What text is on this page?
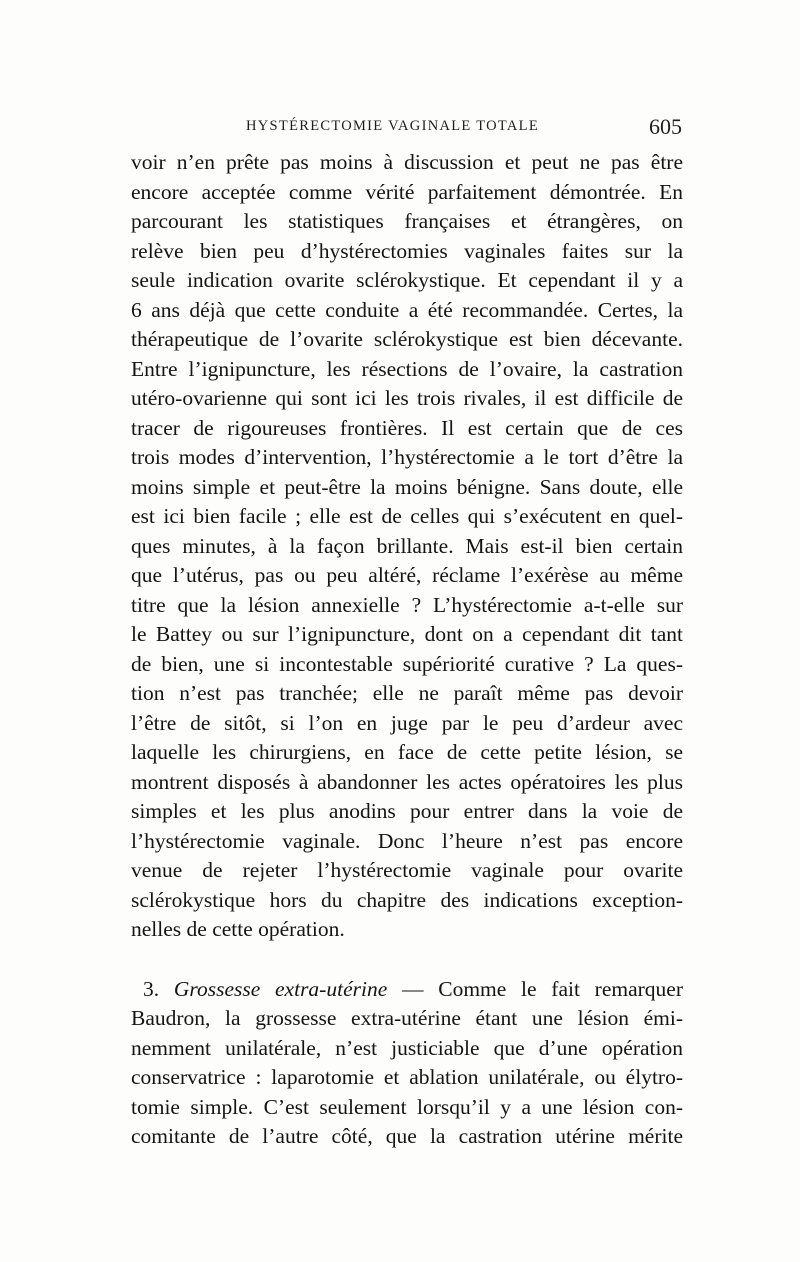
HYSTÉRECTOMIE VAGINALE TOTALE	605
voir n’en prête pas moins à discussion et peut ne pas être
encore acceptée comme vérité parfaitement démontrée. En
parcourant les statistiques françaises et étrangères, on
relève bien peu d’hystérectomies vaginales faites sur la
seule indication ovarite sclérokystique. Et cependant il y a
6 ans déjà que cette conduite a été recommandée. Certes, la
thérapeutique de l’ovarite sclérokystique est bien décevante.
Entre l’ignipuncture, les résections de l’ovaire, la castration
utéro-ovarienne qui sont ici les trois rivales, il est difficile de
tracer de rigoureuses frontières. Il est certain que de ces
trois modes d’intervention, l’hystérectomie a le tort d’être la
moins simple et peut-être la moins bénigne. Sans doute, elle
est ici bien facile ; elle est de celles qui s’exécutent en quel-
ques minutes, à la façon brillante. Mais est-il bien certain
que l’utérus, pas ou peu altéré, réclame l’exérèse au même
titre que la lésion annexielle ? L’hystérectomie a-t-elle sur
le Battey ou sur l’ignipuncture, dont on a cependant dit tant
de bien, une si incontestable supériorité curative ? La ques-
tion n’est pas tranchée; elle ne paraît même pas devoir
l’être de sitôt, si l’on en juge par le peu d’ardeur avec
laquelle les chirurgiens, en face de cette petite lésion, se
montrent disposés à abandonner les actes opératoires les plus
simples et les plus anodins pour entrer dans la voie de
l’hystérectomie vaginale. Donc l’heure n’est pas encore
venue de rejeter l’hystérectomie vaginale pour ovarite
sclérokystique hors du chapitre des indications exception-
nelles de cette opération.
3. Grossesse extra-utérine — Comme le fait remarquer
Baudron, la grossesse extra-utérine étant une lésion émi-
nemment unilatérale, n’est justiciable que d’une opération
conservatrice : laparotomie et ablation unilatérale, ou élytro-
tomie simple. C’est seulement lorsqu’il y a une lésion con-
comitante de l’autre côté, que la castration utérine mérite
